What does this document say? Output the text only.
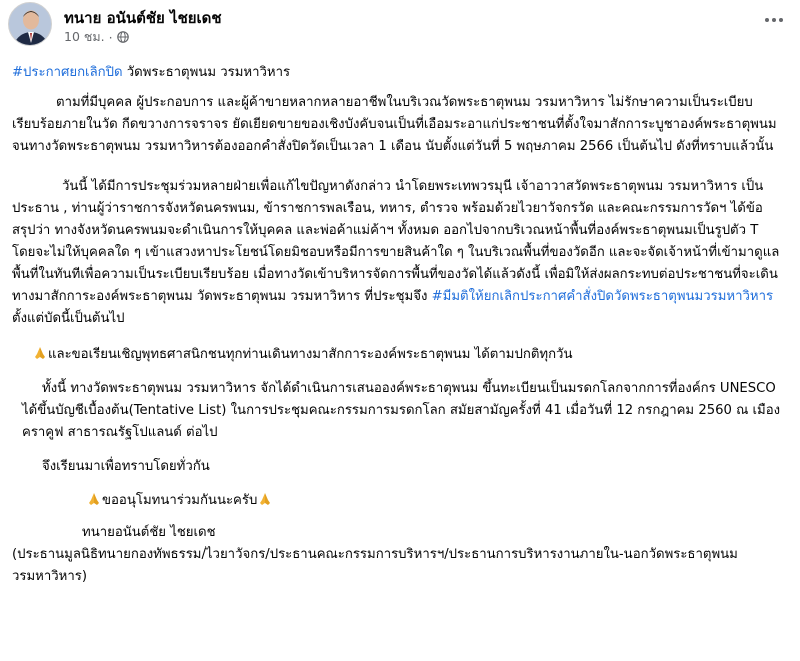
ทนาย อนันต์ชัย ไชยเดช
10 ชม. ·

#ประกาศยกเลิกปิด วัดพระธาตุพนม วรมหาวิหาร

ตามที่มีบุคคล ผู้ประกอบการ และผู้ค้าขายหลากหลายอาชีพในบริเวณวัดพระธาตุพนม วรมหาวิหาร ไม่รักษาความเป็นระเบียบเรียบร้อยภายในวัด กีดขวางการจราจร ยัดเยียดขายของเชิงบังคับจนเป็นที่เอือมระอาแก่ประชาชนที่ตั้งใจมาสักการะบูชาองค์พระธาตุพนม จนทางวัดพระธาตุพนม วรมหาวิหารต้องออกคำสั่งปิดวัดเป็นเวลา 1 เดือน นับตั้งแต่วันที่ 5 พฤษภาคม 2566 เป็นต้นไป ดังที่ทราบแล้วนั้น

วันนี้ ได้มีการประชุมร่วมหลายฝ่ายเพื่อแก้ไขปัญหาดังกล่าว นำโดยพระเทพวรมุนี เจ้าอาวาสวัดพระธาตุพนม วรมหาวิหาร เป็นประธาน , ท่านผู้ว่าราชการจังหวัดนครพนม, ข้าราชการพลเรือน, ทหาร, ตำรวจ พร้อมด้วยไวยาวัจกรวัด และคณะกรรมการวัดฯ ได้ข้อสรุปว่า ทางจังหวัดนครพนมจะดำเนินการให้บุคคล และพ่อค้าแม่ค้าฯ ทั้งหมด ออกไปจากบริเวณหน้าพื้นที่องค์พระธาตุพนมเป็นรูปตัว T โดยจะไม่ให้บุคคลใด ๆ เข้าแสวงหาประโยชน์โดยมิชอบหรือมีการขายสินค้าใด ๆ ในบริเวณพื้นที่ของวัดอีก และจะจัดเจ้าหน้าที่เข้ามาดูแลพื้นที่ในทันทีเพื่อความเป็นระเบียบเรียบร้อย เมื่อทางวัดเข้าบริหารจัดการพื้นที่ของวัดได้แล้วดังนี้ เพื่อมิให้ส่งผลกระทบต่อประชาชนที่จะเดินทางมาสักการะองค์พระธาตุพนม วัดพระธาตุพนม วรมหาวิหาร ที่ประชุมจึง #มีมติให้ยกเลิกประกาศคำสั่งปิดวัดพระธาตุพนมวรมหาวิหาร ตั้งแต่บัดนี้เป็นต้นไป

และขอเรียนเชิญพุทธศาสนิกชนทุกท่านเดินทางมาสักการะองค์พระธาตุพนม ได้ตามปกติทุกวัน

ทั้งนี้ ทางวัดพระธาตุพนม วรมหาวิหาร จักได้ดำเนินการเสนอองค์พระธาตุพนม ขึ้นทะเบียนเป็นมรดกโลกจากการที่องค์กร UNESCO ได้ขึ้นบัญชีเบื้องต้น(Tentative List) ในการประชุมคณะกรรมการมรดกโลก สมัยสามัญครั้งที่ 41 เมื่อวันที่ 12 กรกฎาคม 2560 ณ เมืองคราคูฟ สาธารณรัฐโปแลนด์ ต่อไป

จึงเรียนมาเพื่อทราบโดยทั่วกัน

ขออนุโมทนาร่วมกันนะครับ

ทนายอนันต์ชัย ไชยเดช

(ประธานมูลนิธิทนายกองทัพธรรม/ไวยาวัจกร/ประธานคณะกรรมการบริหารฯ/ประธานการบริหารงานภายใน-นอกวัดพระธาตุพนม วรมหาวิหาร)
